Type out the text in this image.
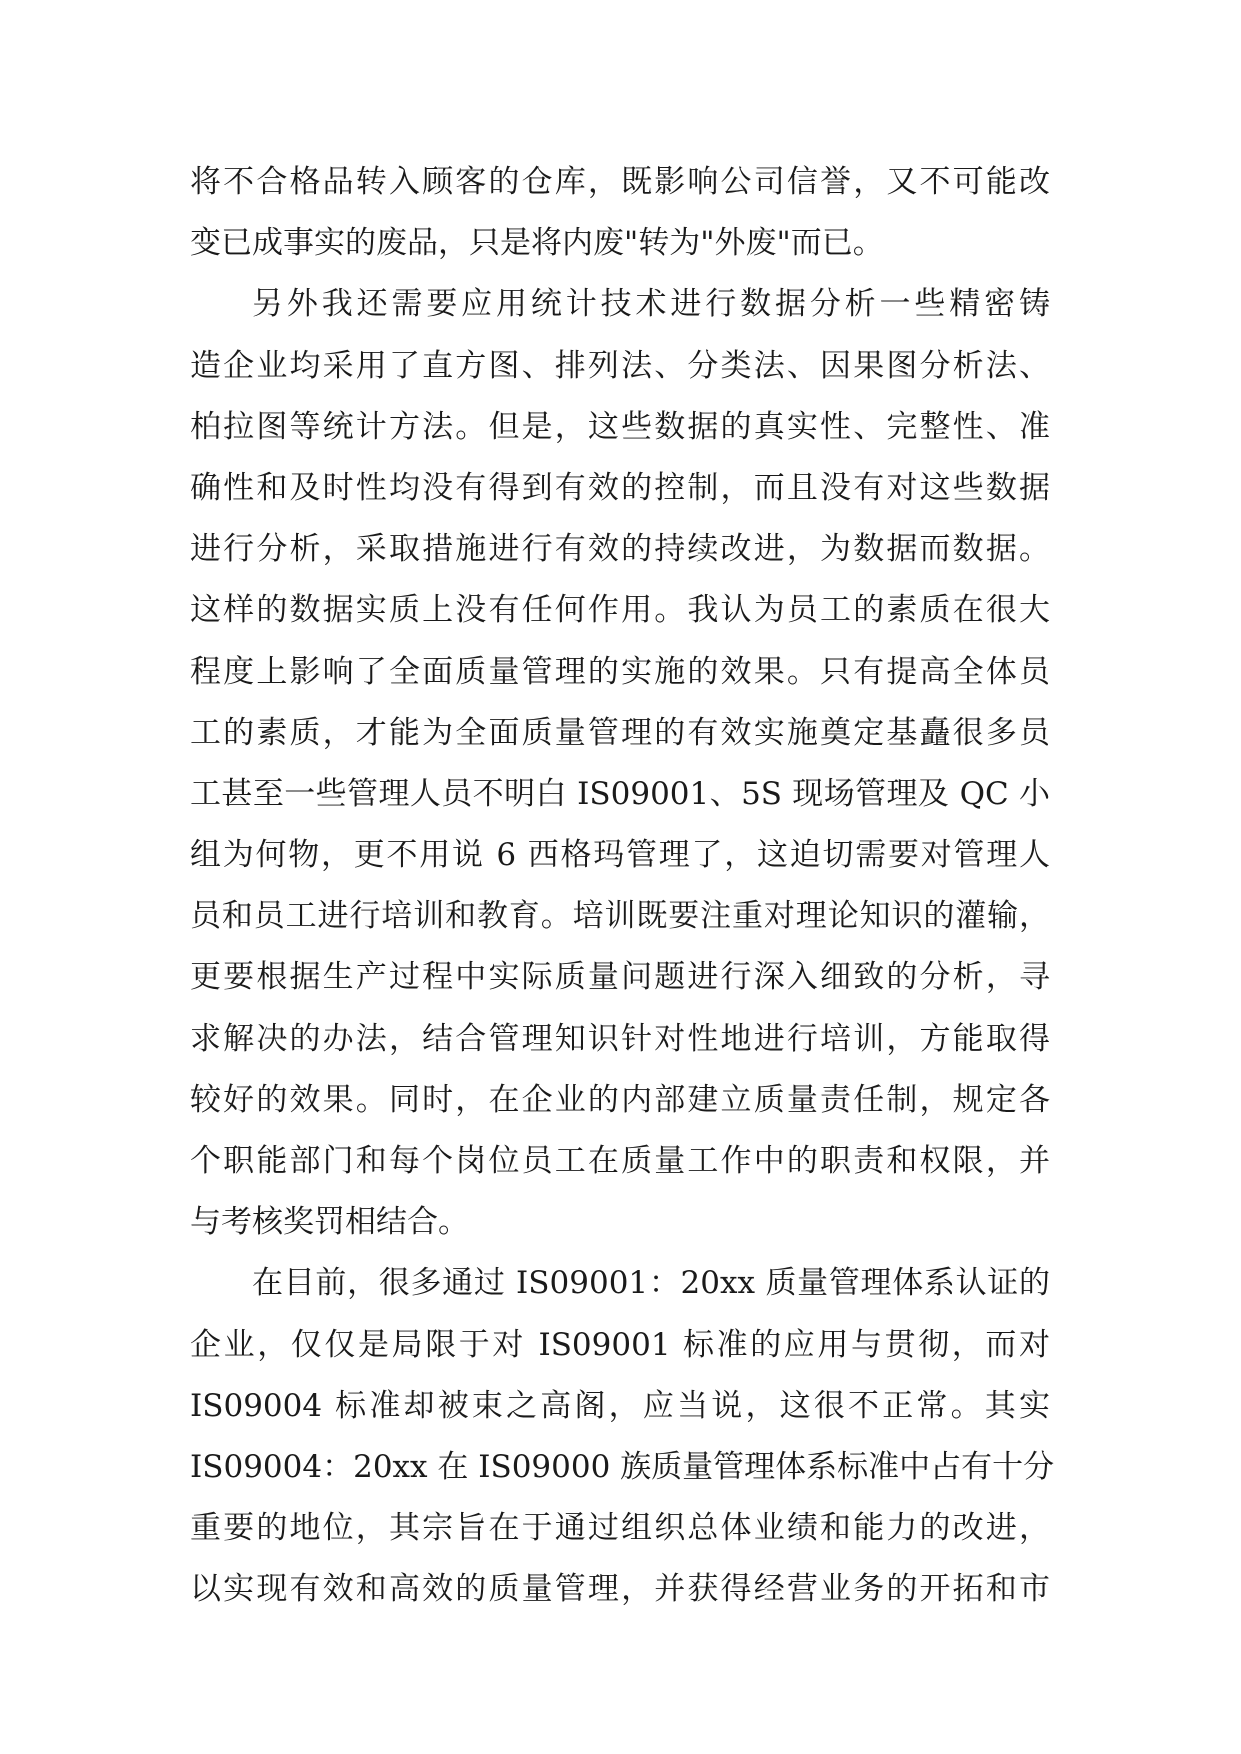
将不合格品转入顾客的仓库，既影响公司信誉，又不可能改
变已成事实的废品，只是将内废"转为"外废"而已。
另外我还需要应用统计技术进行数据分析一些精密铸
造企业均采用了直方图、排列法、分类法、因果图分析法、
柏拉图等统计方法。但是，这些数据的真实性、完整性、准
确性和及时性均没有得到有效的控制，而且没有对这些数据
进行分析，采取措施进行有效的持续改进，为数据而数据。
这样的数据实质上没有任何作用。我认为员工的素质在很大
程度上影响了全面质量管理的实施的效果。只有提高全体员
工的素质，才能为全面质量管理的有效实施奠定基矗很多员
工甚至一些管理人员不明白 IS09001、5S 现场管理及 QC 小
组为何物，更不用说 6 西格玛管理了，这迫切需要对管理人
员和员工进行培训和教育。培训既要注重对理论知识的灌输，
更要根据生产过程中实际质量问题进行深入细致的分析，寻
求解决的办法，结合管理知识针对性地进行培训，方能取得
较好的效果。同时，在企业的内部建立质量责任制，规定各
个职能部门和每个岗位员工在质量工作中的职责和权限，并
与考核奖罚相结合。
在目前，很多通过 IS09001：20xx 质量管理体系认证的
企业，仅仅是局限于对 IS09001 标准的应用与贯彻，而对
IS09004 标准却被束之高阁，应当说，这很不正常。其实
IS09004：20xx 在 IS09000 族质量管理体系标准中占有十分
重要的地位，其宗旨在于通过组织总体业绩和能力的改进，
以实现有效和高效的质量管理，并获得经营业务的开拓和市
